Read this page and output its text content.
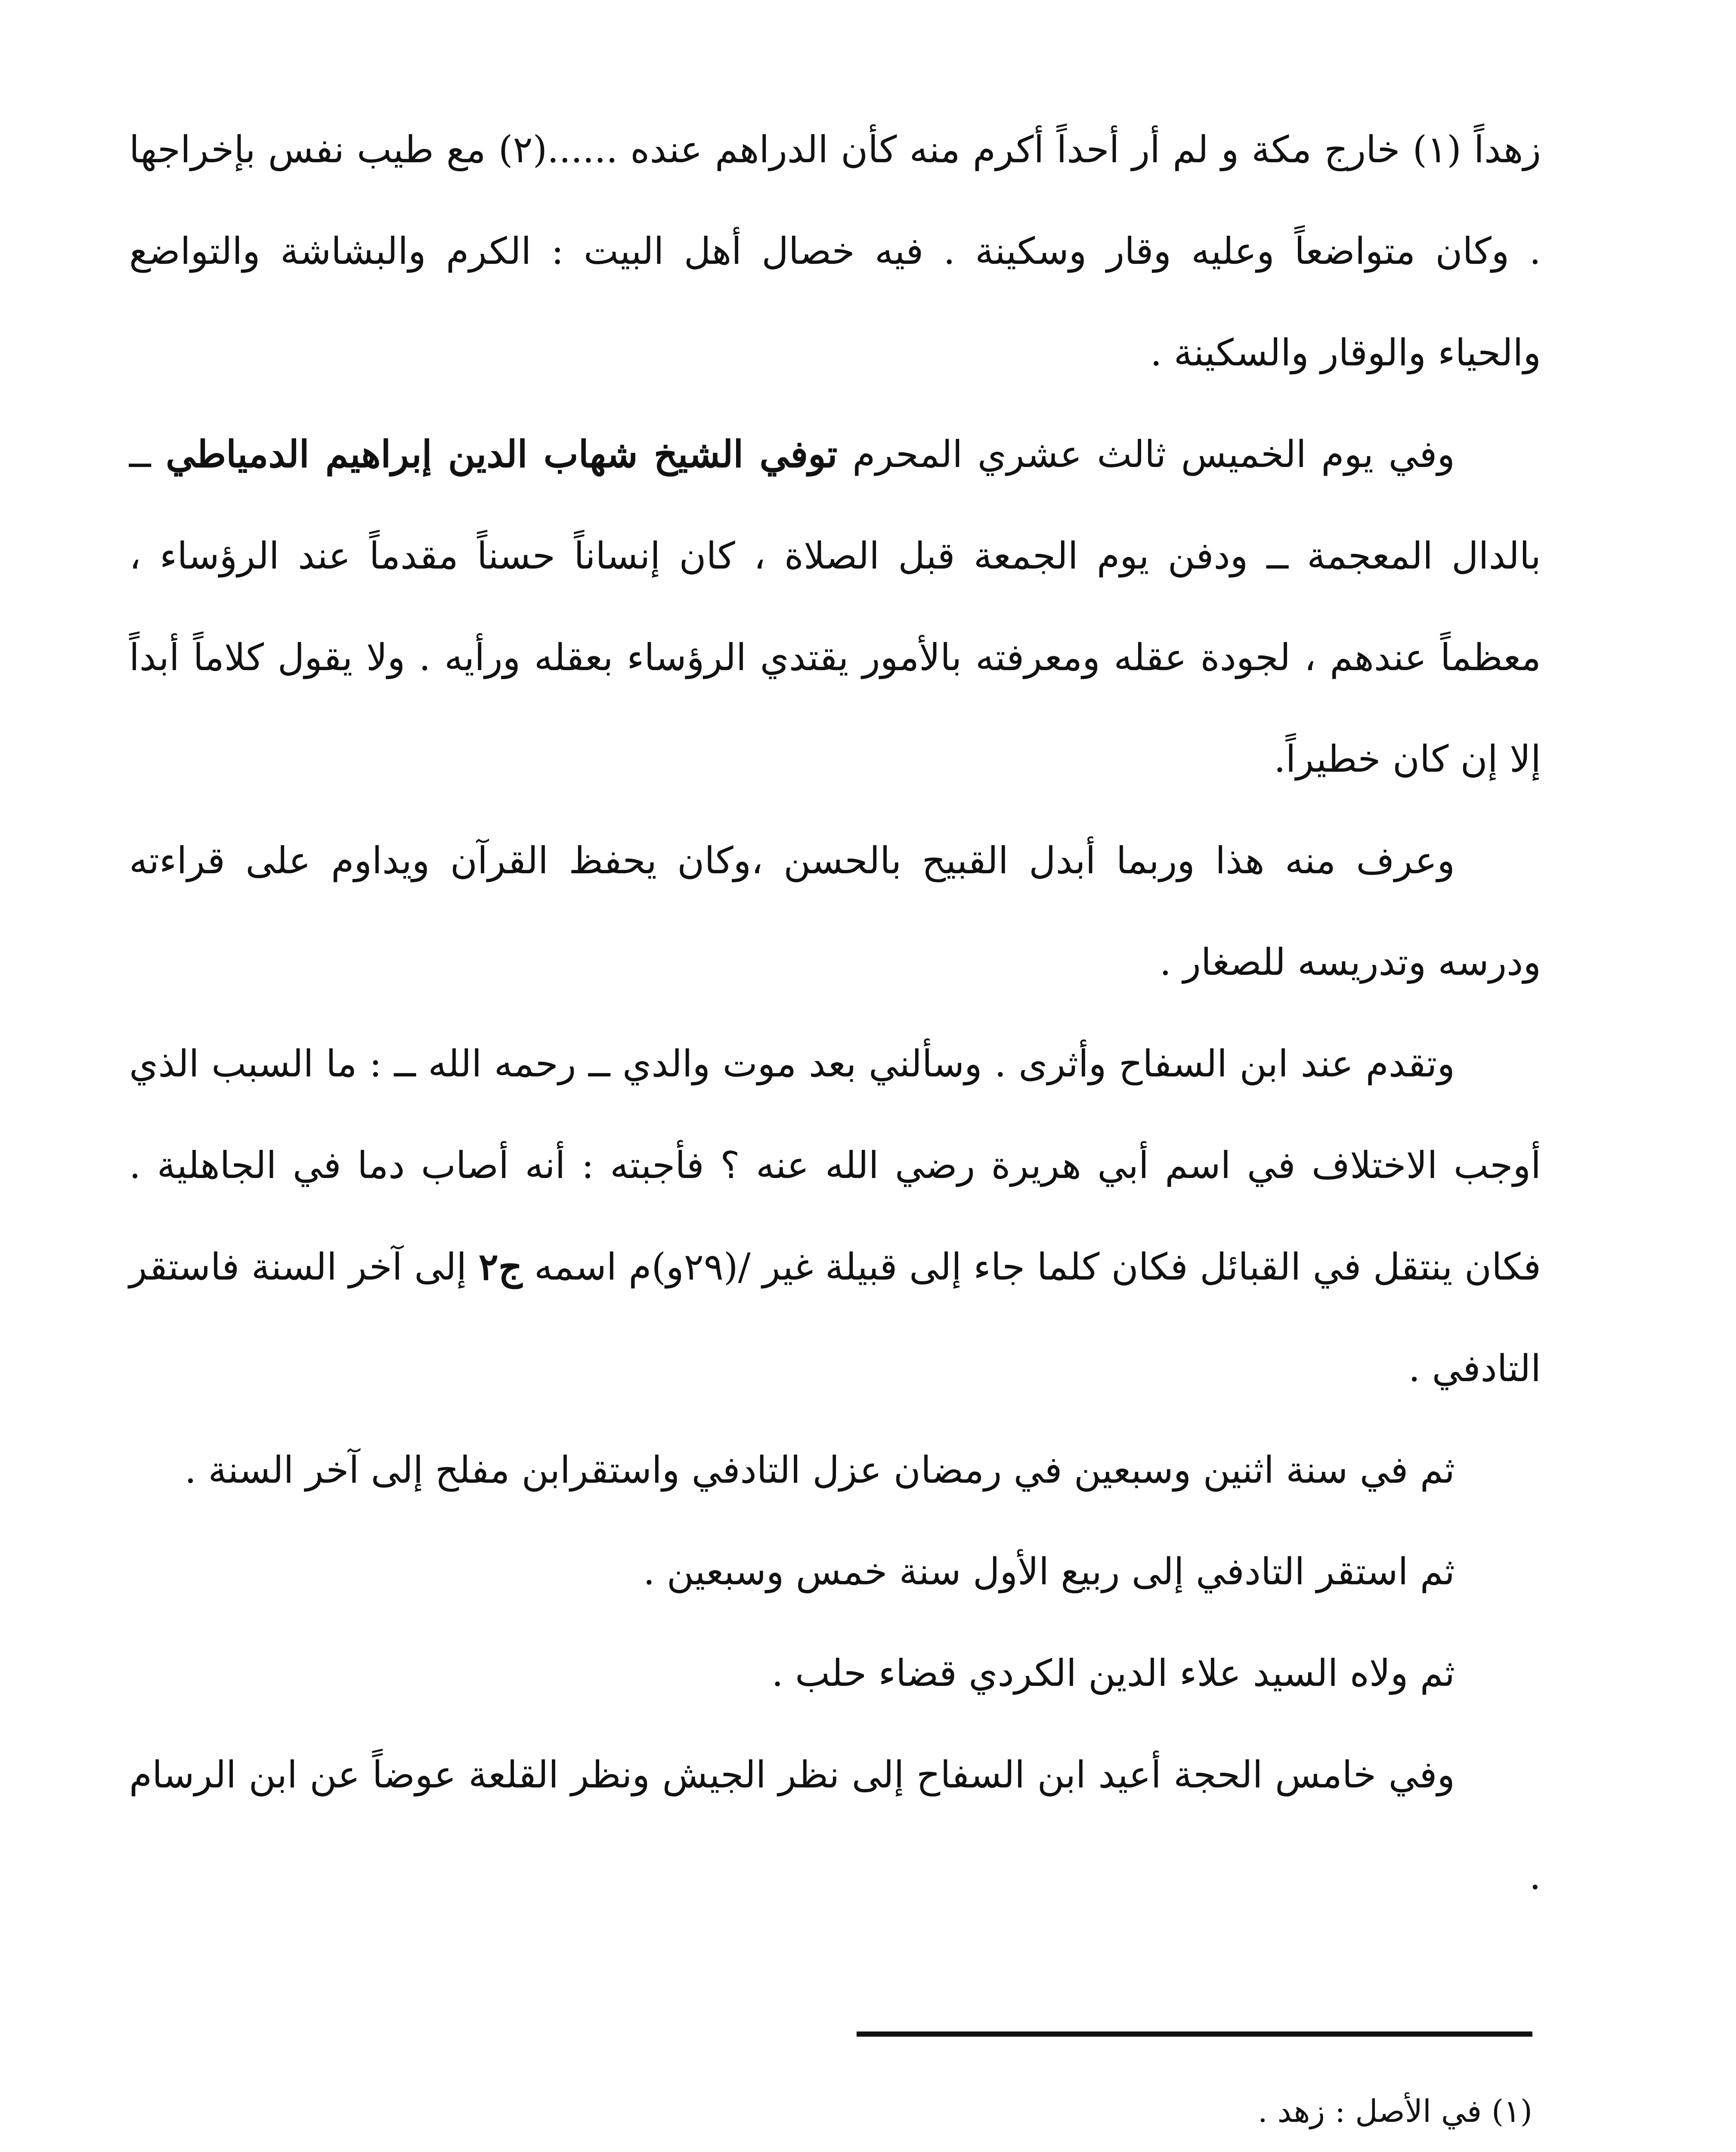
زهداً (١) خارج مكة و لم أر أحداً أكرم منه كأن الدراهم عنده ......(٢) مع طيب نفس بإخراجها . وكان متواضعاً وعليه وقار وسكينة . فيه خصال أهل البيت : الكرم والبشاشة والتواضع والحياء والوقار والسكينة .

وفي يوم الخميس ثالث عشري المحرم توفي الشيخ شهاب الدين إبراهيم الدمياطي ــ بالدال المعجمة ــ ودفن يوم الجمعة قبل الصلاة ، كان إنساناً حسناً مقدماً عند الرؤساء ، معظماً عندهم ، لجودة عقله ومعرفته بالأمور يقتدي الرؤساء بعقله ورأيه . ولا يقول كلاماً أبداً إلا إن كان خطيراً.

وعرف منه هذا وربما أبدل القبيح بالحسن ،وكان يحفظ القرآن ويداوم على قراءته ودرسه وتدريسه للصغار .

وتقدم عند ابن السفاح وأثرى . وسألني بعد موت والدي ــ رحمه الله ــ : ما السبب الذي أوجب الاختلاف في اسم أبي هريرة رضي الله عنه ؟ فأجبته : أنه أصاب دما في الجاهلية . فكان ينتقل في القبائل فكان كلما جاء إلى قبيلة غير /(٢٩و)م اسمه ج٢ إلى آخر السنة فاستقر التادفي .

ثم في سنة اثنين وسبعين في رمضان عزل التادفي واستقرابن مفلح إلى آخر السنة .

ثم استقر التادفي إلى ربيع الأول سنة خمس وسبعين .

ثم ولاه السيد علاء الدين الكردي قضاء حلب .

وفي خامس الحجة أعيد ابن السفاح إلى نظر الجيش ونظر القلعة عوضاً عن ابن الرسام .

(١) في الأصل : زهد .
